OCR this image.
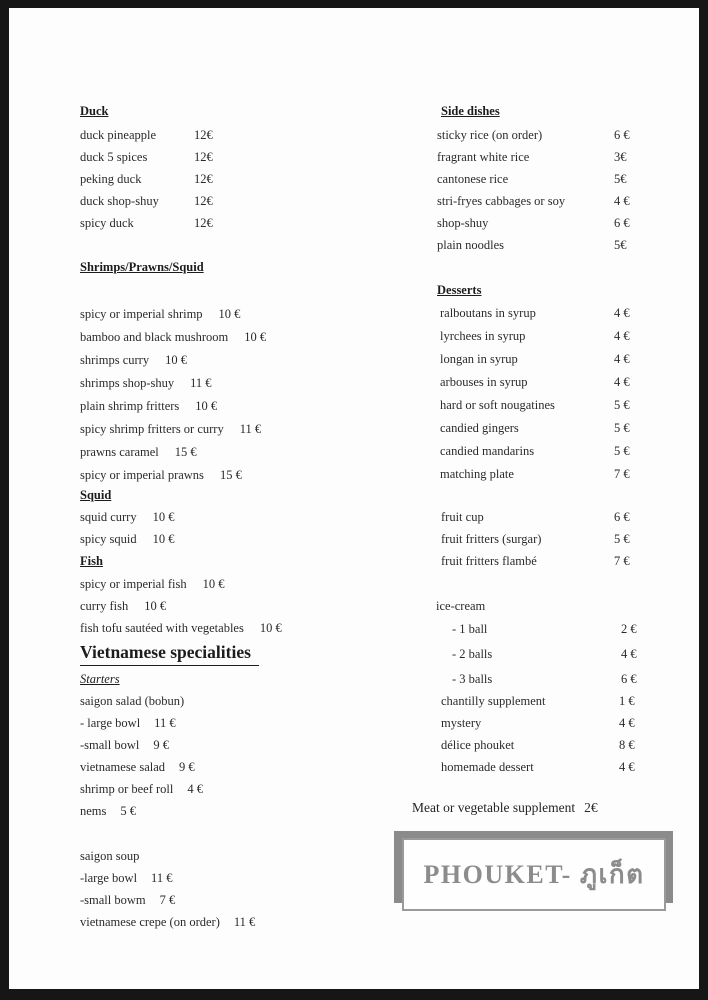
Duck
duck pineapple	12€
duck 5 spices	12€
peking duck	12€
duck shop-shuy	12€
spicy duck	12€
Shrimps/Prawns/Squid
spicy or imperial shrimp 10 €
bamboo and black mushroom 10 €
shrimps curry 10 €
shrimps shop-shuy 11 €
plain shrimp fritters 10 €
spicy shrimp fritters or curry 11 €
prawns caramel 15 €
spicy or imperial prawns 15 €
Squid
squid curry 10 €
spicy squid 10 €
Fish
spicy or imperial fish 10 €
curry fish 10 €
fish tofu sautéed with vegetables 10 €
Vietnamese specialities
Starters
saigon salad (bobun)
- large bowl 11 €
-small bowl 9 €
vietnamese salad 9 €
shrimp or beef roll 4 €
nems 5 €
saigon soup
-large bowl 11 €
-small bowm 7 €
vietnamese crepe (on order) 11 €
Side dishes
sticky rice (on order)	6 €
fragrant white rice	3€
cantonese rice	5€
stri-fryes cabbages or soy	4 €
shop-shuy	6 €
plain noodles	5€
Desserts
ralboutans in syrup	4 €
lyrchees in syrup	4 €
longan in syrup	4 €
arbouses in syrup	4 €
hard or soft nougatines	5 €
candied gingers	5 €
candied mandarins	5 €
matching plate	7 €
fruit cup	6 €
fruit fritters (surgar)	5 €
fruit fritters flambé	7 €
ice-cream
- 1 ball	2 €
- 2 balls	4 €
- 3 balls	6 €
chantilly supplement	1 €
mystery	4 €
délice phouket	8 €
homemade dessert	4 €
Meat or vegetable supplement 2€
PHOUKET- ภูเก็ต
